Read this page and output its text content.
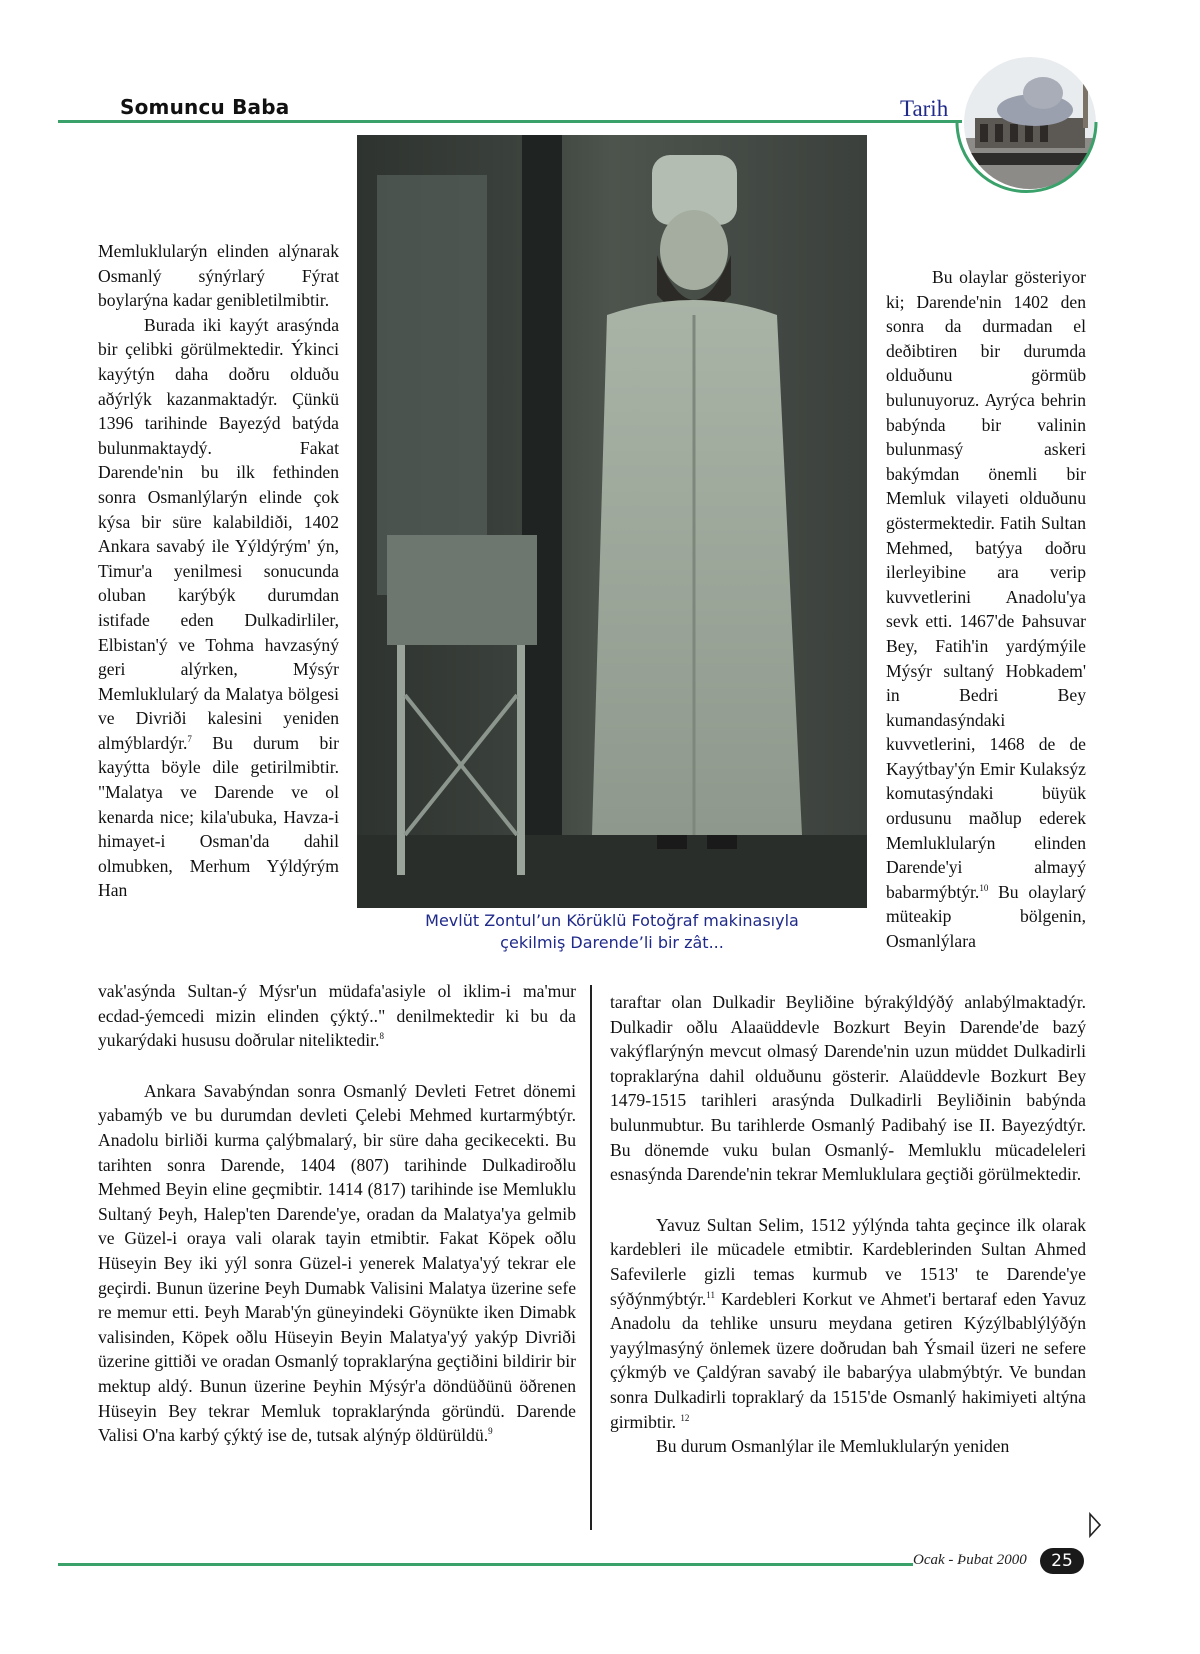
Somuncu Baba	Tarih
Mevlüt Zontul’un Körüklü Fotoğraf makinasıyla
çekilmiş Darende’li bir zât...

Memluklularýn elinden alýnarak Osmanlý sýnýrlarý Fýrat boylarýna kadar genibletilmibtir.

Burada iki kayýt arasýnda bir çelibki görülmektedir. Ýkinci kayýtýn daha doðru olduðu aðýrlýk kazanmaktadýr. Çünkü 1396 tarihinde Bayezýd batýda bulunmaktaydý. Fakat Darende'nin bu ilk fethinden sonra Osmanlýlarýn elinde çok kýsa bir süre kalabildiði, 1402 Ankara savabý ile Yýldýrým' ýn, Timur'a yenilmesi sonucunda oluban karýbýk durumdan istifade eden Dulkadirliler, Elbistan'ý ve Tohma havzasýný geri alýrken, Mýsýr Memluklularý da Malatya bölgesi ve Divriði kalesini yeniden almýblardýr.$^7$ Bu durum bir kayýtta böyle dile getirilmibtir. "Malatya ve Darende ve ol kenarda nice; kila'ubuka, Havza-i himayet-i Osman'da dahil olmubken, Merhum Yýldýrým Han

vak'asýnda Sultan-ý Mýsr'un müdafa'asiyle ol iklim-i ma'mur ecdad-ýemcedi mizin elinden çýktý.." denilmektedir ki bu da yukarýdaki hususu doðrular niteliktedir.$^8$

Ankara Savabýndan sonra Osmanlý Devleti Fetret dönemi yabamýb ve bu durumdan devleti Çelebi Mehmed kurtarmýbtýr. Anadolu birliði kurma çalýbmalarý, bir süre daha gecikecekti. Bu tarihten sonra Darende, 1404 (807) tarihinde Dulkadiroðlu Mehmed Beyin eline geçmibtir. 1414 (817) tarihinde ise Memluklu Sultaný Þeyh, Halep'ten Darende'ye, oradan da Malatya'ya gelmib ve Güzel-i oraya vali olarak tayin etmibtir. Fakat Köpek oðlu Hüseyin Bey iki yýl sonra Güzel-i yenerek Malatya'yý tekrar ele geçirdi. Bunun üzerine Þeyh Dumabk Valisini Malatya üzerine sefe re memur etti. Þeyh Marab'ýn güneyindeki Göynükte iken Dimabk valisinden, Köpek oðlu Hüseyin Beyin Malatya'yý yakýp Divriði üzerine gittiði ve oradan Osmanlý topraklarýna geçtiðini bildirir bir mektup aldý. Bunun üzerine Þeyhin Mýsýr'a döndüðünü öðrenen Hüseyin Bey tekrar Memluk topraklarýnda göründü. Darende Valisi O'na karbý çýktý ise de, tutsak alýnýp öldürüldü.$^9$

Bu olaylar gösteriyor ki; Darende'nin 1402 den sonra da durmadan el deðibtiren bir durumda olduðunu görmüb bulunuyoruz. Ayrýca behrin babýnda bir valinin bulunmasý askeri bakýmdan önemli bir Memluk vilayeti olduðunu göstermektedir. Fatih Sultan Mehmed, batýya doðru ilerleyibine ara verip kuvvetlerini Anadolu'ya sevk etti. 1467'de Þahsuvar Bey, Fatih'in yardýmýile Mýsýr sultaný Hobkadem' in Bedri Bey kumandasýndaki kuvvetlerini, 1468 de de Kayýtbay'ýn Emir Kulaksýz komutasýndaki büyük ordusunu maðlup ederek Memluklularýn elinden Darende'yi almayý babarmýbtýr.$^{10}$ Bu olaylarý müteakip bölgenin, Osmanlýlara

taraftar olan Dulkadir Beyliðine býrakýldýðý anlabýlmaktadýr. Dulkadir oðlu Alaaüddevle Bozkurt Beyin Darende'de bazý vakýflarýnýn mevcut olmasý Darende'nin uzun müddet Dulkadirli topraklarýna dahil olduðunu gösterir. Alaüddevle Bozkurt Bey 1479-1515 tarihleri arasýnda Dulkadirli Beyliðinin babýnda bulunmubtur. Bu tarihlerde Osmanlý Padibahý ise II. Bayezýdtýr. Bu dönemde vuku bulan Osmanlý- Memluklu mücadeleleri esnasýnda Darende'nin tekrar Memluklulara geçtiði görülmektedir.

Yavuz Sultan Selim, 1512 yýlýnda tahta geçince ilk olarak kardebleri ile mücadele etmibtir. Kardeblerinden Sultan Ahmed Safevilerle gizli temas kurmub ve 1513' te Darende'ye sýðýnmýbtýr.$^{11}$ Kardebleri Korkut ve Ahmet'i bertaraf eden Yavuz Anadolu da tehlike unsuru meydana getiren Kýzýlbablýlýðýn yayýlmasýný önlemek üzere doðrudan bah Ýsmail üzeri ne sefere çýkmýb ve Çaldýran savabý ile babarýya ulabmýbtýr. Ve bundan sonra Dulkadirli topraklarý da 1515'de Osmanlý hakimiyeti altýna girmibtir. $^{12}$

Bu durum Osmanlýlar ile Memluklularýn yeniden

Ocak - Þubat 2000	25
